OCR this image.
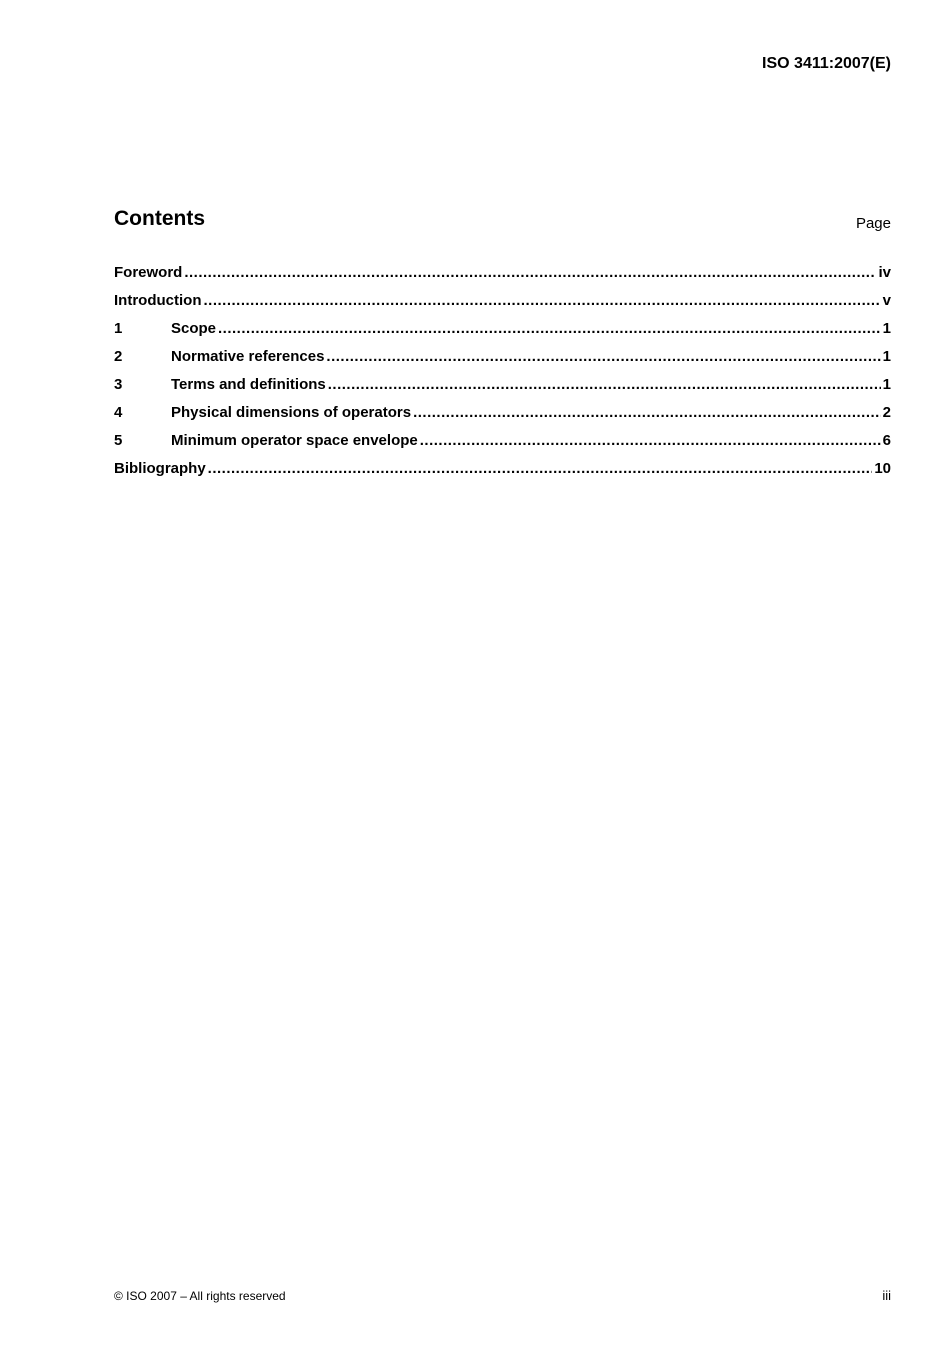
ISO 3411:2007(E)
Contents	Page
Foreword .....	iv
Introduction .....	v
1	Scope .....	1
2	Normative references .....	1
3	Terms and definitions .....	1
4	Physical dimensions of operators .....	2
5	Minimum operator space envelope .....	6
Bibliography .....	10
© ISO 2007 – All rights reserved	iii
